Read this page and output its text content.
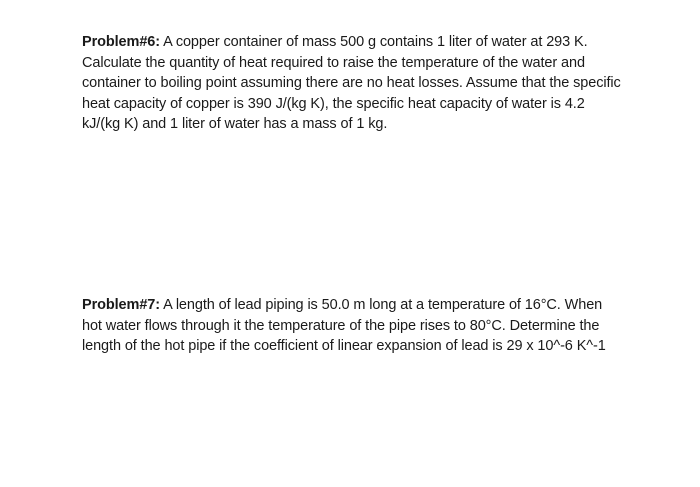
Problem#6: A copper container of mass 500 g contains 1 liter of water at 293 K. Calculate the quantity of heat required to raise the temperature of the water and container to boiling point assuming there are no heat losses. Assume that the specific heat capacity of copper is 390 J/(kg K), the specific heat capacity of water is 4.2 kJ/(kg K) and 1 liter of water has a mass of 1 kg.

Problem#7: A length of lead piping is 50.0 m long at a temperature of 16°C. When hot water flows through it the temperature of the pipe rises to 80°C. Determine the length of the hot pipe if the coefficient of linear expansion of lead is 29 x 10^-6 K^-1
